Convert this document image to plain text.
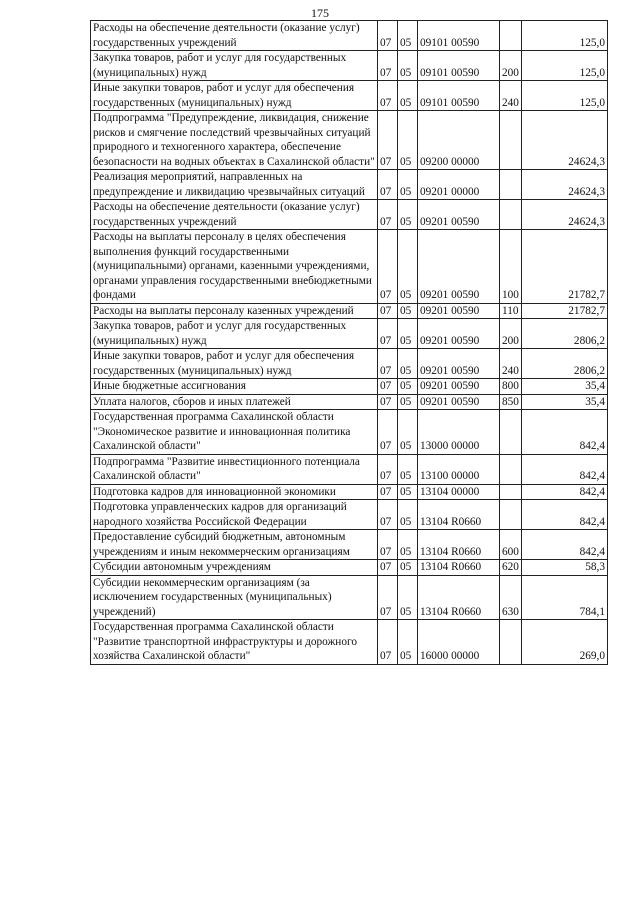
175
Расходы на обеспечение деятельности (оказание услуг) государственных учреждений	07	05	09101 00590		125,0
Закупка товаров, работ и услуг для государственных (муниципальных) нужд	07	05	09101 00590	200	125,0
Иные закупки товаров, работ и услуг для обеспечения государственных (муниципальных) нужд	07	05	09101 00590	240	125,0
Подпрограмма "Предупреждение, ликвидация, снижение рисков и смягчение последствий чрезвычайных ситуаций природного и техногенного характера, обеспечение безопасности на водных объектах в Сахалинской области"	07	05	09200 00000		24624,3
Реализация мероприятий, направленных на предупреждение и ликвидацию чрезвычайных ситуаций	07	05	09201 00000		24624,3
Расходы на обеспечение деятельности (оказание услуг) государственных учреждений	07	05	09201 00590		24624,3
Расходы на выплаты персоналу в целях обеспечения выполнения функций государственными (муниципальными) органами, казенными учреждениями, органами управления государственными внебюджетными фондами	07	05	09201 00590	100	21782,7
Расходы на выплаты персоналу казенных учреждений	07	05	09201 00590	110	21782,7
Закупка товаров, работ и услуг для государственных (муниципальных) нужд	07	05	09201 00590	200	2806,2
Иные закупки товаров, работ и услуг для обеспечения государственных (муниципальных) нужд	07	05	09201 00590	240	2806,2
Иные бюджетные ассигнования	07	05	09201 00590	800	35,4
Уплата налогов, сборов и иных платежей	07	05	09201 00590	850	35,4
Государственная программа Сахалинской области "Экономическое развитие и инновационная политика Сахалинской области"	07	05	13000 00000		842,4
Подпрограмма "Развитие инвестиционного потенциала Сахалинской области"	07	05	13100 00000		842,4
Подготовка кадров для инновационной экономики	07	05	13104 00000		842,4
Подготовка управленческих кадров для организаций народного хозяйства Российской Федерации	07	05	13104 R0660		842,4
Предоставление субсидий бюджетным, автономным учреждениям и иным некоммерческим организациям	07	05	13104 R0660	600	842,4
Субсидии автономным учреждениям	07	05	13104 R0660	620	58,3
Субсидии некоммерческим организациям (за исключением государственных (муниципальных) учреждений)	07	05	13104 R0660	630	784,1
Государственная программа Сахалинской области "Развитие транспортной инфраструктуры и дорожного хозяйства Сахалинской области"	07	05	16000 00000		269,0
